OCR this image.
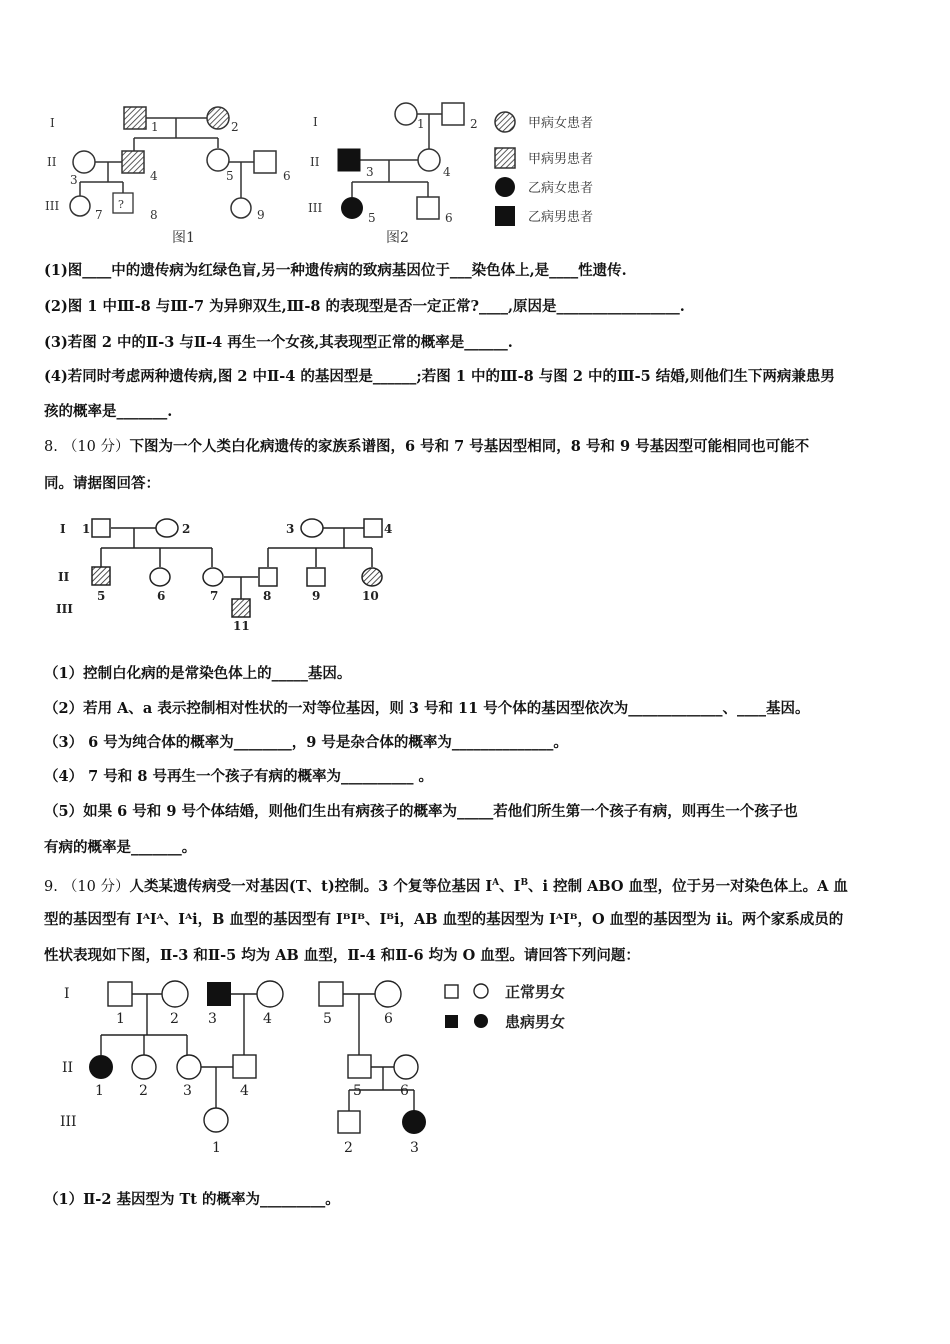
I
II
III
1	2
3	4	5	6
7	8	9
?
图1
I
II
III
1	2
3	4
5	6
图2
甲病女患者
甲病男患者
乙病女患者
乙病男患者
(1)图____中的遗传病为红绿色盲,另一种遗传病的致病基因位于___染色体上,是____性遗传.
(2)图 1 中Ⅲ-8 与Ⅲ-7 为异卵双生,Ⅲ-8 的表现型是否一定正常?____,原因是_________________.
(3)若图 2 中的Ⅱ-3 与Ⅱ-4 再生一个女孩,其表现型正常的概率是______.
(4)若同时考虑两种遗传病,图 2 中Ⅱ-4 的基因型是______;若图 1 中的Ⅲ-8 与图 2 中的Ⅲ-5 结婚,则他们生下两病兼患男
孩的概率是_______.
8. （10 分）下图为一个人类白化病遗传的家族系谱图，6 号和 7 号基因型相同，8 号和 9 号基因型可能相同也可能不
同。请据图回答：
I
II
III
1	2	3	4
5	6	7	8	9	10
11
（1）控制白化病的是常染色体上的_____基因。
（2）若用 A、a 表示控制相对性状的一对等位基因，则 3 号和 11 号个体的基因型依次为_____________、____基因。
（3） 6 号为纯合体的概率为________，9 号是杂合体的概率为______________。
（4） 7 号和 8 号再生一个孩子有病的概率为__________ 。
（5）如果 6 号和 9 号个体结婚，则他们生出有病孩子的概率为_____若他们所生第一个孩子有病，则再生一个孩子也
有病的概率是_______。
9. （10 分）人类某遗传病受一对基因(T、t)控制。3 个复等位基因 $I^A$、$I^B$、i 控制 ABO 血型，位于另一对染色体上。A 血
型的基因型有 IᴬIᴬ、Iᴬi，B 血型的基因型有 IᴮIᴮ、Iᴮi，AB 血型的基因型为 IᴬIᴮ，O 血型的基因型为 ii。两个家系成员的
性状表现如下图，Ⅱ-3 和Ⅱ-5 均为 AB 血型，Ⅱ-4 和Ⅱ-6 均为 O 血型。请回答下列问题：
I
II
III
1	2 3	4
1	2	3	4
1
5	6
5	6
2	3
正常男女
患病男女
（1）Ⅱ-2 基因型为 Tt 的概率为_________。
